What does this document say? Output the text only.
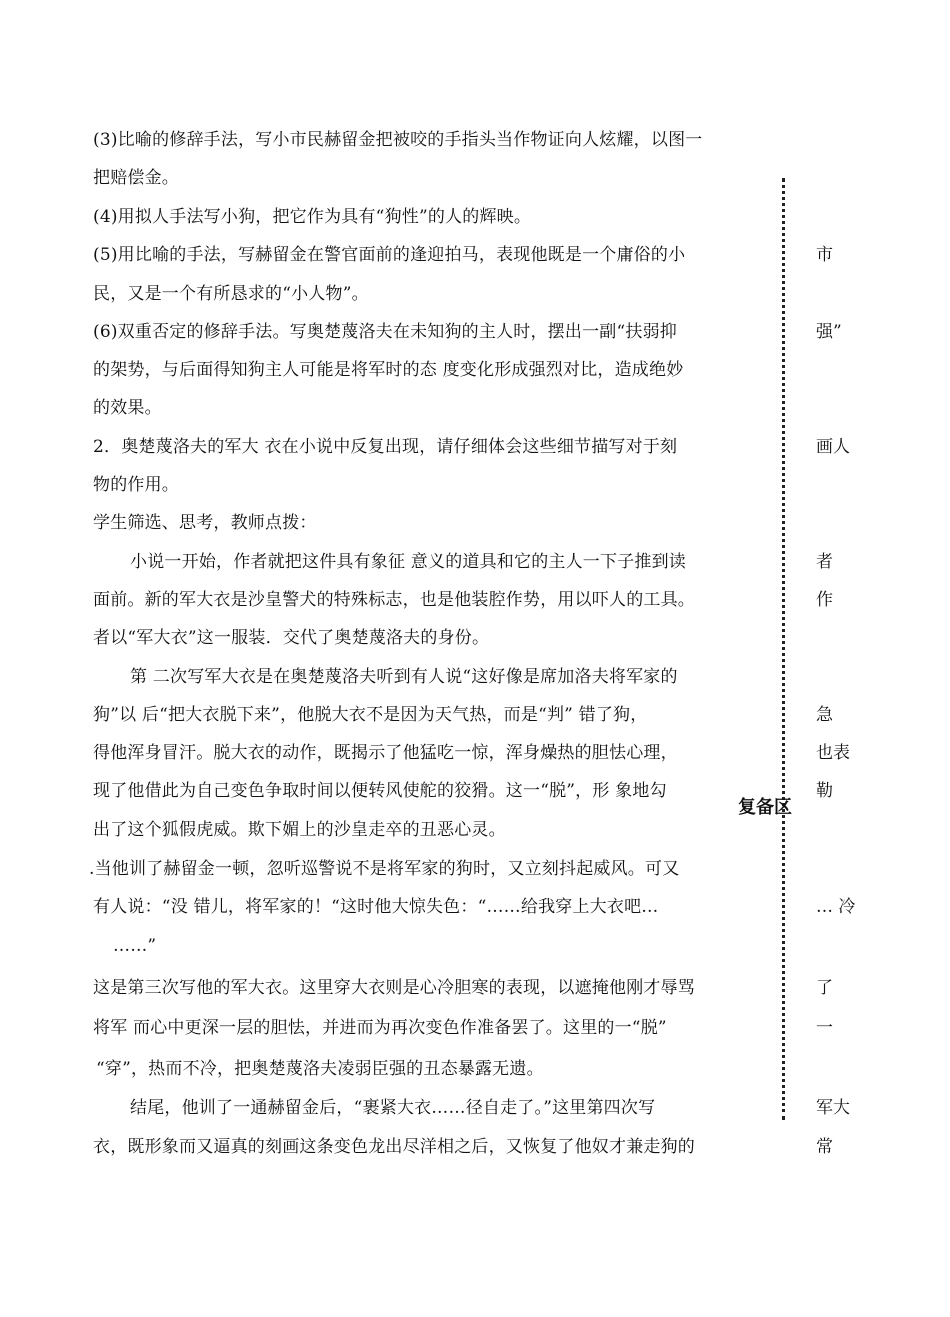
(3)比喻的修辞手法，写小市民赫留金把被咬的手指头当作物证向人炫耀，以图一
把赔偿金。
(4)用拟人手法写小狗，把它作为具有“狗性”的人的辉映。
(5)用比喻的手法，写赫留金在警官面前的逢迎拍马，表现他既是一个庸俗的小
民，又是一个有所恳求的“小人物”。
(6)双重否定的修辞手法。写奥楚蔑洛夫在未知狗的主人时，摆出一副“扶弱抑
的架势，与后面得知狗主人可能是将军时的态 度变化形成强烈对比，造成绝妙
的效果。
2．奥楚蔑洛夫的军大 衣在小说中反复出现，请仔细体会这些细节描写对于刻
物的作用。
学生筛选、思考，教师点拨：
小说一开始，作者就把这件具有象征 意义的道具和它的主人一下子推到读
面前。新的军大衣是沙皇警犬的特殊标志，也是他装腔作势，用以吓人的工具。
者以“军大衣”这一服装．交代了奥楚蔑洛夫的身份。
第 二次写军大衣是在奥楚蔑洛夫听到有人说“这好像是席加洛夫将军家的
狗”以 后“把大衣脱下来”，他脱大衣不是因为天气热，而是“判” 错了狗，
得他浑身冒汗。脱大衣的动作，既揭示了他猛吃一惊，浑身燥热的胆怯心理，
现了他借此为自己变色争取时间以便转风使舵的狡猾。这一“脱”，形 象地勾
出了这个狐假虎威。欺下媚上的沙皇走卒的丑恶心灵。
.当他训了赫留金一顿，忽听巡警说不是将军家的狗时，又立刻抖起威风。可又
有人说：“没 错儿，将军家的！“这时他大惊失色：“……给我穿上大衣吧…
……”
这是第三次写他的军大衣。这里穿大衣则是心冷胆寒的表现，以遮掩他刚才辱骂
将军 而心中更深一层的胆怯，并进而为再次变色作准备罢了。这里的一“脱”
“穿”，热而不冷，把奥楚蔑洛夫凌弱臣强的丑态暴露无遗。
结尾，他训了一通赫留金后，“裹紧大衣……径自走了。”这里第四次写
衣，既形象而又逼真的刻画这条变色龙出尽洋相之后，又恢复了他奴才兼走狗的
复备区
市
强”
画人
者
作
急
也表
勒
… 冷
了
一
军大
常
